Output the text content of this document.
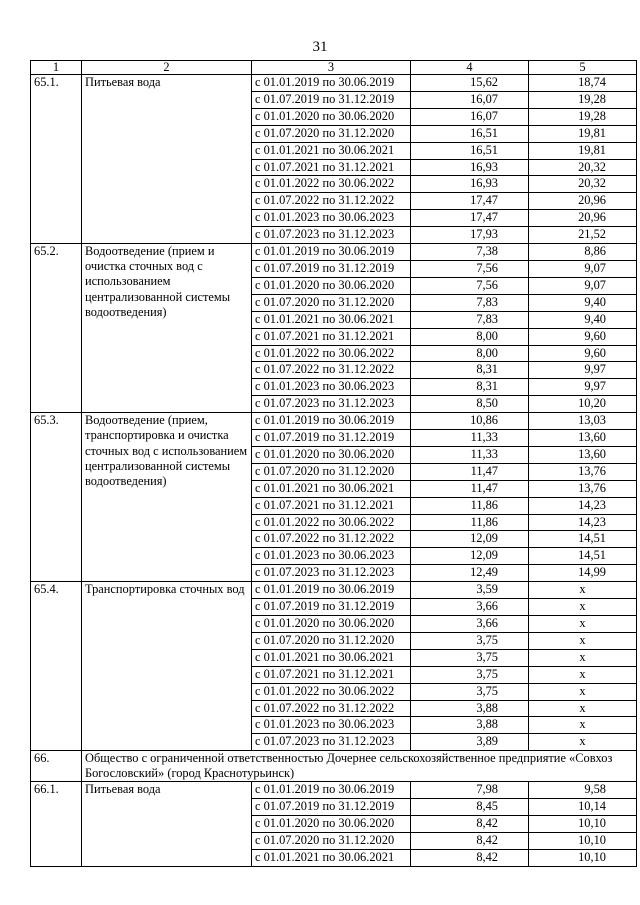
31
1	2	3	4	5
65.1.	Питьевая вода	с 01.01.2019 по 30.06.2019	15,62	18,74
		с 01.07.2019 по 31.12.2019	16,07	19,28
		с 01.01.2020 по 30.06.2020	16,07	19,28
		с 01.07.2020 по 31.12.2020	16,51	19,81
		с 01.01.2021 по 30.06.2021	16,51	19,81
		с 01.07.2021 по 31.12.2021	16,93	20,32
		с 01.01.2022 по 30.06.2022	16,93	20,32
		с 01.07.2022 по 31.12.2022	17,47	20,96
		с 01.01.2023 по 30.06.2023	17,47	20,96
		с 01.07.2023 по 31.12.2023	17,93	21,52
65.2.	Водоотведение (прием и очистка сточных вод с использованием централизованной системы водоотведения)	с 01.01.2019 по 30.06.2019	7,38	8,86
		с 01.07.2019 по 31.12.2019	7,56	9,07
		с 01.01.2020 по 30.06.2020	7,56	9,07
		с 01.07.2020 по 31.12.2020	7,83	9,40
		с 01.01.2021 по 30.06.2021	7,83	9,40
		с 01.07.2021 по 31.12.2021	8,00	9,60
		с 01.01.2022 по 30.06.2022	8,00	9,60
		с 01.07.2022 по 31.12.2022	8,31	9,97
		с 01.01.2023 по 30.06.2023	8,31	9,97
		с 01.07.2023 по 31.12.2023	8,50	10,20
65.3.	Водоотведение (прием, транспортировка и очистка сточных вод с использованием централизованной системы водоотведения)	с 01.01.2019 по 30.06.2019	10,86	13,03
		с 01.07.2019 по 31.12.2019	11,33	13,60
		с 01.01.2020 по 30.06.2020	11,33	13,60
		с 01.07.2020 по 31.12.2020	11,47	13,76
		с 01.01.2021 по 30.06.2021	11,47	13,76
		с 01.07.2021 по 31.12.2021	11,86	14,23
		с 01.01.2022 по 30.06.2022	11,86	14,23
		с 01.07.2022 по 31.12.2022	12,09	14,51
		с 01.01.2023 по 30.06.2023	12,09	14,51
		с 01.07.2023 по 31.12.2023	12,49	14,99
65.4.	Транспортировка сточных вод	с 01.01.2019 по 30.06.2019	3,59	х
		с 01.07.2019 по 31.12.2019	3,66	х
		с 01.01.2020 по 30.06.2020	3,66	х
		с 01.07.2020 по 31.12.2020	3,75	х
		с 01.01.2021 по 30.06.2021	3,75	х
		с 01.07.2021 по 31.12.2021	3,75	х
		с 01.01.2022 по 30.06.2022	3,75	х
		с 01.07.2022 по 31.12.2022	3,88	х
		с 01.01.2023 по 30.06.2023	3,88	х
		с 01.07.2023 по 31.12.2023	3,89	х
66.	Общество с ограниченной ответственностью Дочернее сельскохозяйственное предприятие «Совхоз Богословский» (город Краснотурьинск)			
66.1.	Питьевая вода	с 01.01.2019 по 30.06.2019	7,98	9,58
		с 01.07.2019 по 31.12.2019	8,45	10,14
		с 01.01.2020 по 30.06.2020	8,42	10,10
		с 01.07.2020 по 31.12.2020	8,42	10,10
		с 01.01.2021 по 30.06.2021	8,42	10,10
